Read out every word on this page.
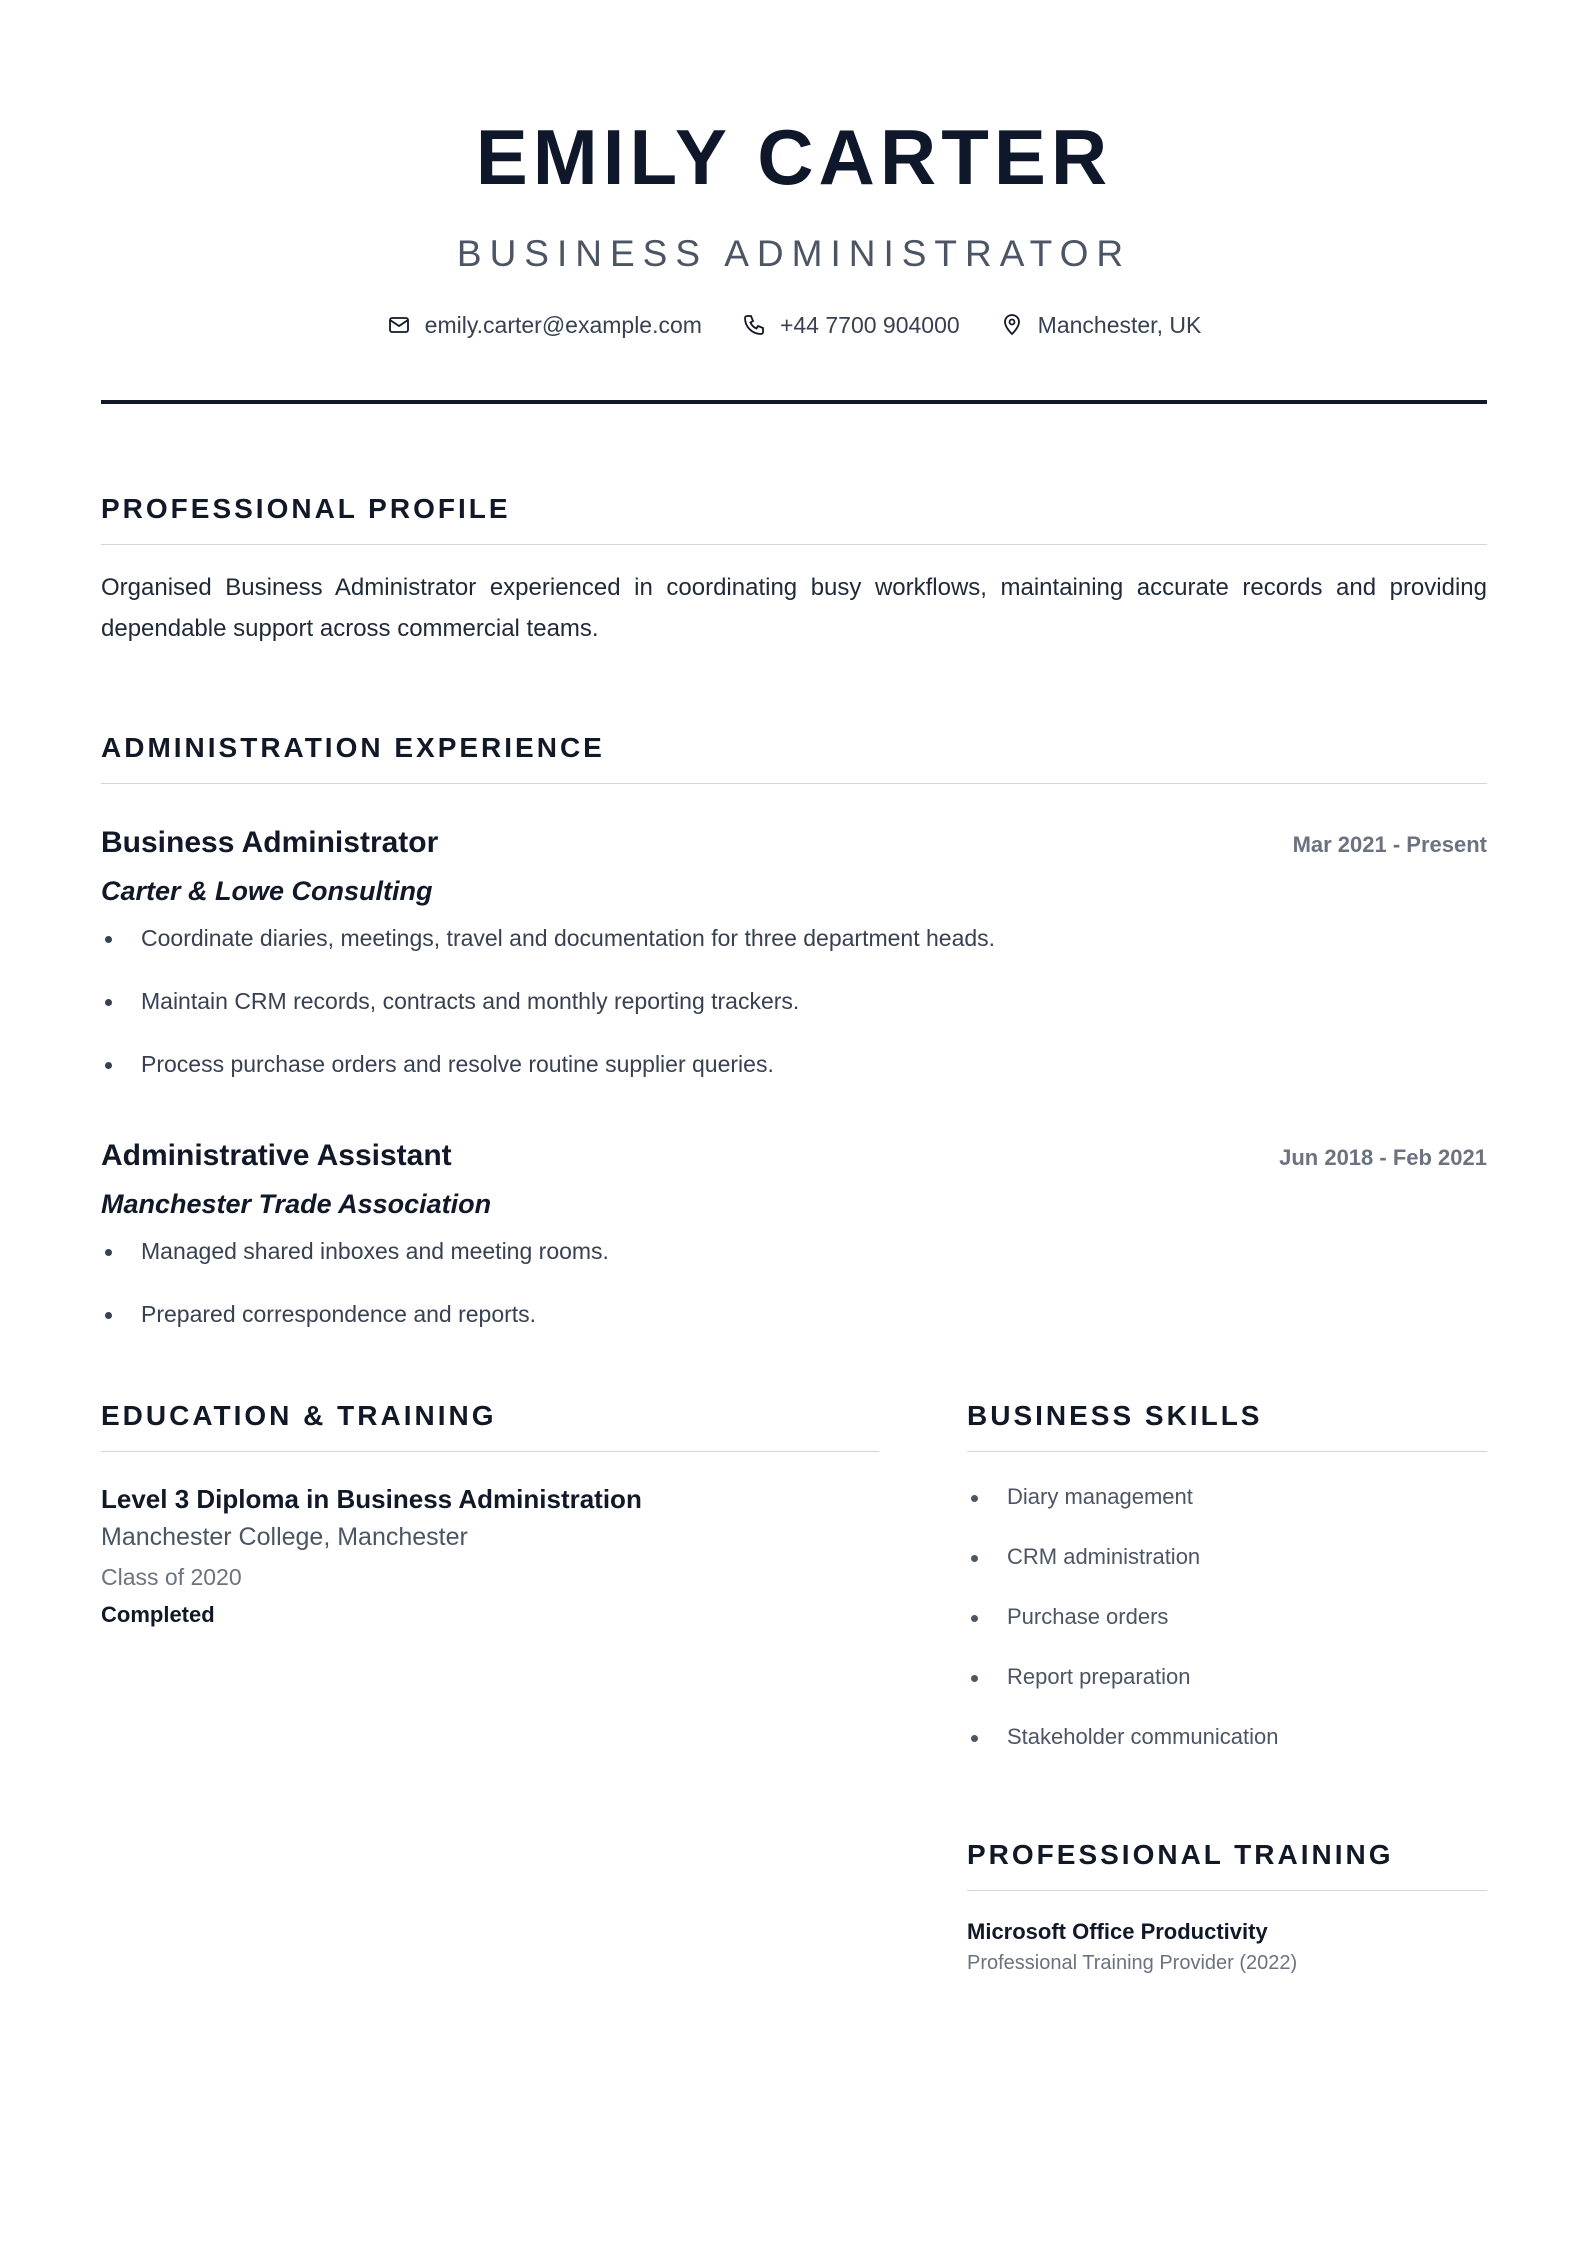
EMILY CARTER
BUSINESS ADMINISTRATOR
emily.carter@example.com	+44 7700 904000	Manchester, UK
PROFESSIONAL PROFILE

Organised Business Administrator experienced in coordinating busy workflows, maintaining accurate records and providing dependable support across commercial teams.

ADMINISTRATION EXPERIENCE
Business Administrator	Mar 2021 - Present
Carter & Lowe Consulting
Coordinate diaries, meetings, travel and documentation for three department heads.
Maintain CRM records, contracts and monthly reporting trackers.
Process purchase orders and resolve routine supplier queries.
Administrative Assistant	Jun 2018 - Feb 2021
Manchester Trade Association
Managed shared inboxes and meeting rooms.
Prepared correspondence and reports.
EDUCATION & TRAINING
Level 3 Diploma in Business Administration
Manchester College, Manchester
Class of 2020
Completed
BUSINESS SKILLS
Diary management
CRM administration
Purchase orders
Report preparation
Stakeholder communication
PROFESSIONAL TRAINING
Microsoft Office Productivity
Professional Training Provider (2022)
